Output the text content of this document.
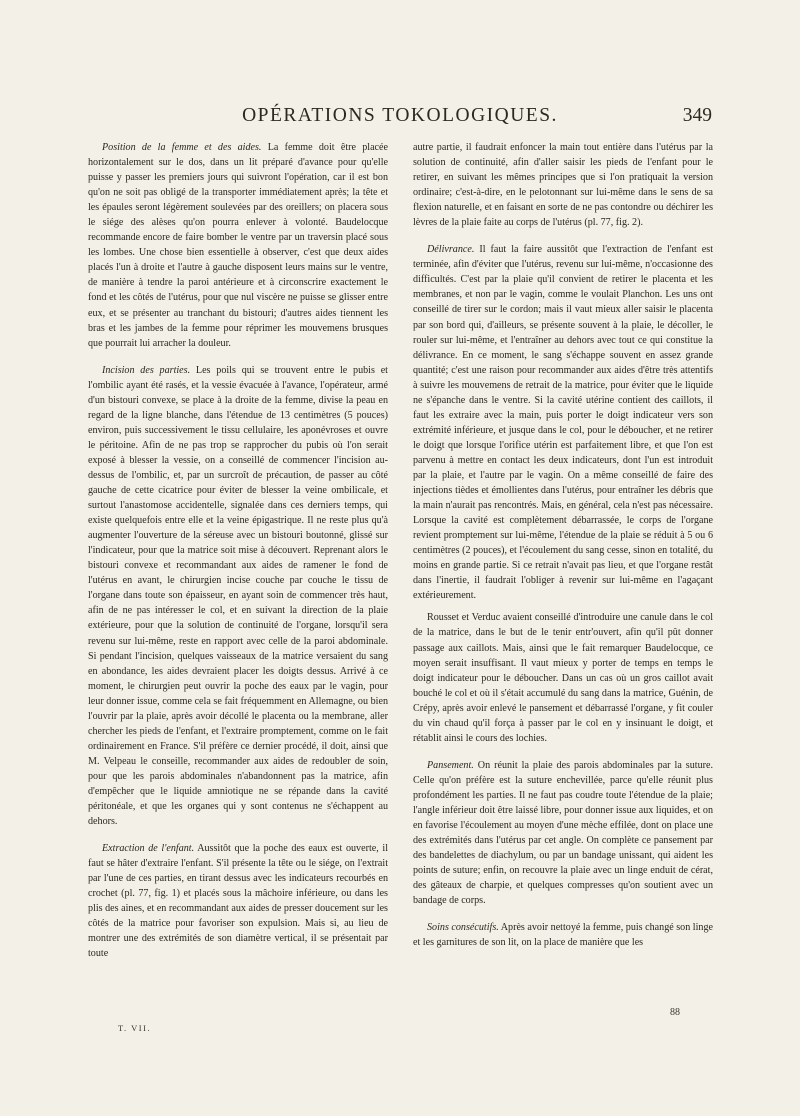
OPÉRATIONS TOKOLOGIQUES.	349

Position de la femme et des aides. La femme doit être placée horizontalement sur le dos, dans un lit préparé d'avance pour qu'elle puisse y passer les premiers jours qui suivront l'opération, car il est bon qu'on ne soit pas obligé de la transporter immédiatement après; la tête et les épaules seront légèrement soulevées par des oreillers; on placera sous le siége des alèses qu'on pourra enlever à volonté. Baudelocque recommande encore de faire bomber le ventre par un traversin placé sous les lombes. Une chose bien essentielle à observer, c'est que deux aides placés l'un à droite et l'autre à gauche disposent leurs mains sur le ventre, de manière à tendre la paroi antérieure et à circonscrire exactement le fond et les côtés de l'utérus, pour que nul viscère ne puisse se glisser entre eux, et se présenter au tranchant du bistouri; d'autres aides tiennent les bras et les jambes de la femme pour réprimer les mouvemens brusques que pourrait lui arracher la douleur.

Incision des parties. Les poils qui se trouvent entre le pubis et l'ombilic ayant été rasés, et la vessie évacuée à l'avance, l'opérateur, armé d'un bistouri convexe, se place à la droite de la femme, divise la peau en regard de la ligne blanche, dans l'étendue de 13 centimètres (5 pouces) environ, puis successivement le tissu cellulaire, les aponévroses et ouvre le péritoine. Afin de ne pas trop se rapprocher du pubis où l'on serait exposé à blesser la vessie, on a conseillé de commencer l'incision au-dessus de l'ombilic, et, par un surcroît de précaution, de passer au côté gauche de cette cicatrice pour éviter de blesser la veine ombilicale, et surtout l'anastomose accidentelle, signalée dans ces derniers temps, qui existe quelquefois entre elle et la veine épigastrique. Il ne reste plus qu'à augmenter l'ouverture de la séreuse avec un bistouri boutonné, glissé sur l'indicateur, pour que la matrice soit mise à découvert. Reprenant alors le bistouri convexe et recommandant aux aides de ramener le fond de l'utérus en avant, le chirurgien incise couche par couche le tissu de l'organe dans toute son épaisseur, en ayant soin de commencer très haut, afin de ne pas intéresser le col, et en suivant la direction de la plaie extérieure, pour que la solution de continuité de l'organe, lorsqu'il sera revenu sur lui-même, reste en rapport avec celle de la paroi abdominale. Si pendant l'incision, quelques vaisseaux de la matrice versaient du sang en abondance, les aides devraient placer les doigts dessus. Arrivé à ce moment, le chirurgien peut ouvrir la poche des eaux par le vagin, pour leur donner issue, comme cela se fait fréquemment en Allemagne, ou bien l'ouvrir par la plaie, après avoir décollé le placenta ou la membrane, aller chercher les pieds de l'enfant, et l'extraire promptement, comme on le fait ordinairement en France. S'il préfère ce dernier procédé, il doit, ainsi que M. Velpeau le conseille, recommander aux aides de redoubler de soin, pour que les parois abdominales n'abandonnent pas la matrice, afin d'empêcher que le liquide amniotique ne se répande dans la cavité péritonéale, et que les organes qui y sont contenus ne s'échappent au dehors.

Extraction de l'enfant. Aussitôt que la poche des eaux est ouverte, il faut se hâter d'extraire l'enfant. S'il présente la tête ou le siége, on l'extrait par l'une de ces parties, en tirant dessus avec les indicateurs recourbés en crochet (pl. 77, fig. 1) et placés sous la mâchoire inférieure, ou dans les plis des aines, et en recommandant aux aides de presser doucement sur les côtés de la matrice pour favoriser son expulsion. Mais si, au lieu de montrer une des extrémités de son diamètre vertical, il se présentait par toute

autre partie, il faudrait enfoncer la main tout entière dans l'utérus par la solution de continuité, afin d'aller saisir les pieds de l'enfant pour le retirer, en suivant les mêmes principes que si l'on pratiquait la version ordinaire; c'est-à-dire, en le pelotonnant sur lui-même dans le sens de sa flexion naturelle, et en faisant en sorte de ne pas contondre ou déchirer les lèvres de la plaie faite au corps de l'utérus (pl. 77, fig. 2).

Délivrance. Il faut la faire aussitôt que l'extraction de l'enfant est terminée, afin d'éviter que l'utérus, revenu sur lui-même, n'occasionne des difficultés. C'est par la plaie qu'il convient de retirer le placenta et les membranes, et non par le vagin, comme le voulait Planchon. Les uns ont conseillé de tirer sur le cordon; mais il vaut mieux aller saisir le placenta par son bord qui, d'ailleurs, se présente souvent à la plaie, le décoller, le rouler sur lui-même, et l'entraîner au dehors avec tout ce qui constitue la délivrance. En ce moment, le sang s'échappe souvent en assez grande quantité; c'est une raison pour recommander aux aides d'être très attentifs à suivre les mouvemens de retrait de la matrice, pour éviter que le liquide ne s'épanche dans le ventre. Si la cavité utérine contient des caillots, il faut les extraire avec la main, puis porter le doigt indicateur vers son extrémité inférieure, et jusque dans le col, pour le déboucher, et ne retirer le doigt que lorsque l'orifice utérin est parfaitement libre, et que l'on est parvenu à mettre en contact les deux indicateurs, dont l'un est introduit par la plaie, et l'autre par le vagin. On a même conseillé de faire des injections tièdes et émollientes dans l'utérus, pour entraîner les débris que la main n'aurait pas rencontrés. Mais, en général, cela n'est pas nécessaire. Lorsque la cavité est complètement débarrassée, le corps de l'organe revient promptement sur lui-même, l'étendue de la plaie se réduit à 5 ou 6 centimètres (2 pouces), et l'écoulement du sang cesse, sinon en totalité, du moins en grande partie. Si ce retrait n'avait pas lieu, et que l'organe restât dans l'inertie, il faudrait l'obliger à revenir sur lui-même en l'agaçant extérieurement.

Rousset et Verduc avaient conseillé d'introduire une canule dans le col de la matrice, dans le but de le tenir entr'ouvert, afin qu'il pût donner passage aux caillots. Mais, ainsi que le fait remarquer Baudelocque, ce moyen serait insuffisant. Il vaut mieux y porter de temps en temps le doigt indicateur pour le déboucher. Dans un cas où un gros caillot avait bouché le col et où il s'était accumulé du sang dans la matrice, Guénin, de Crépy, après avoir enlevé le pansement et débarrassé l'organe, y fit couler du vin chaud qu'il força à passer par le col en y insinuant le doigt, et rétablit ainsi le cours des lochies.

Pansement. On réunit la plaie des parois abdominales par la suture. Celle qu'on préfère est la suture enchevillée, parce qu'elle réunit plus profondément les parties. Il ne faut pas coudre toute l'étendue de la plaie; l'angle inférieur doit être laissé libre, pour donner issue aux liquides, et on en favorise l'écoulement au moyen d'une mèche effilée, dont on place une des extrémités dans l'utérus par cet angle. On complète ce pansement par des bandelettes de diachylum, ou par un bandage unissant, qui aident les points de suture; enfin, on recouvre la plaie avec un linge enduit de cérat, des gâteaux de charpie, et quelques compresses qu'on soutient avec un bandage de corps.

Soins consécutifs. Après avoir nettoyé la femme, puis changé son linge et les garnitures de son lit, on la place de manière que les

88
T. VII.
